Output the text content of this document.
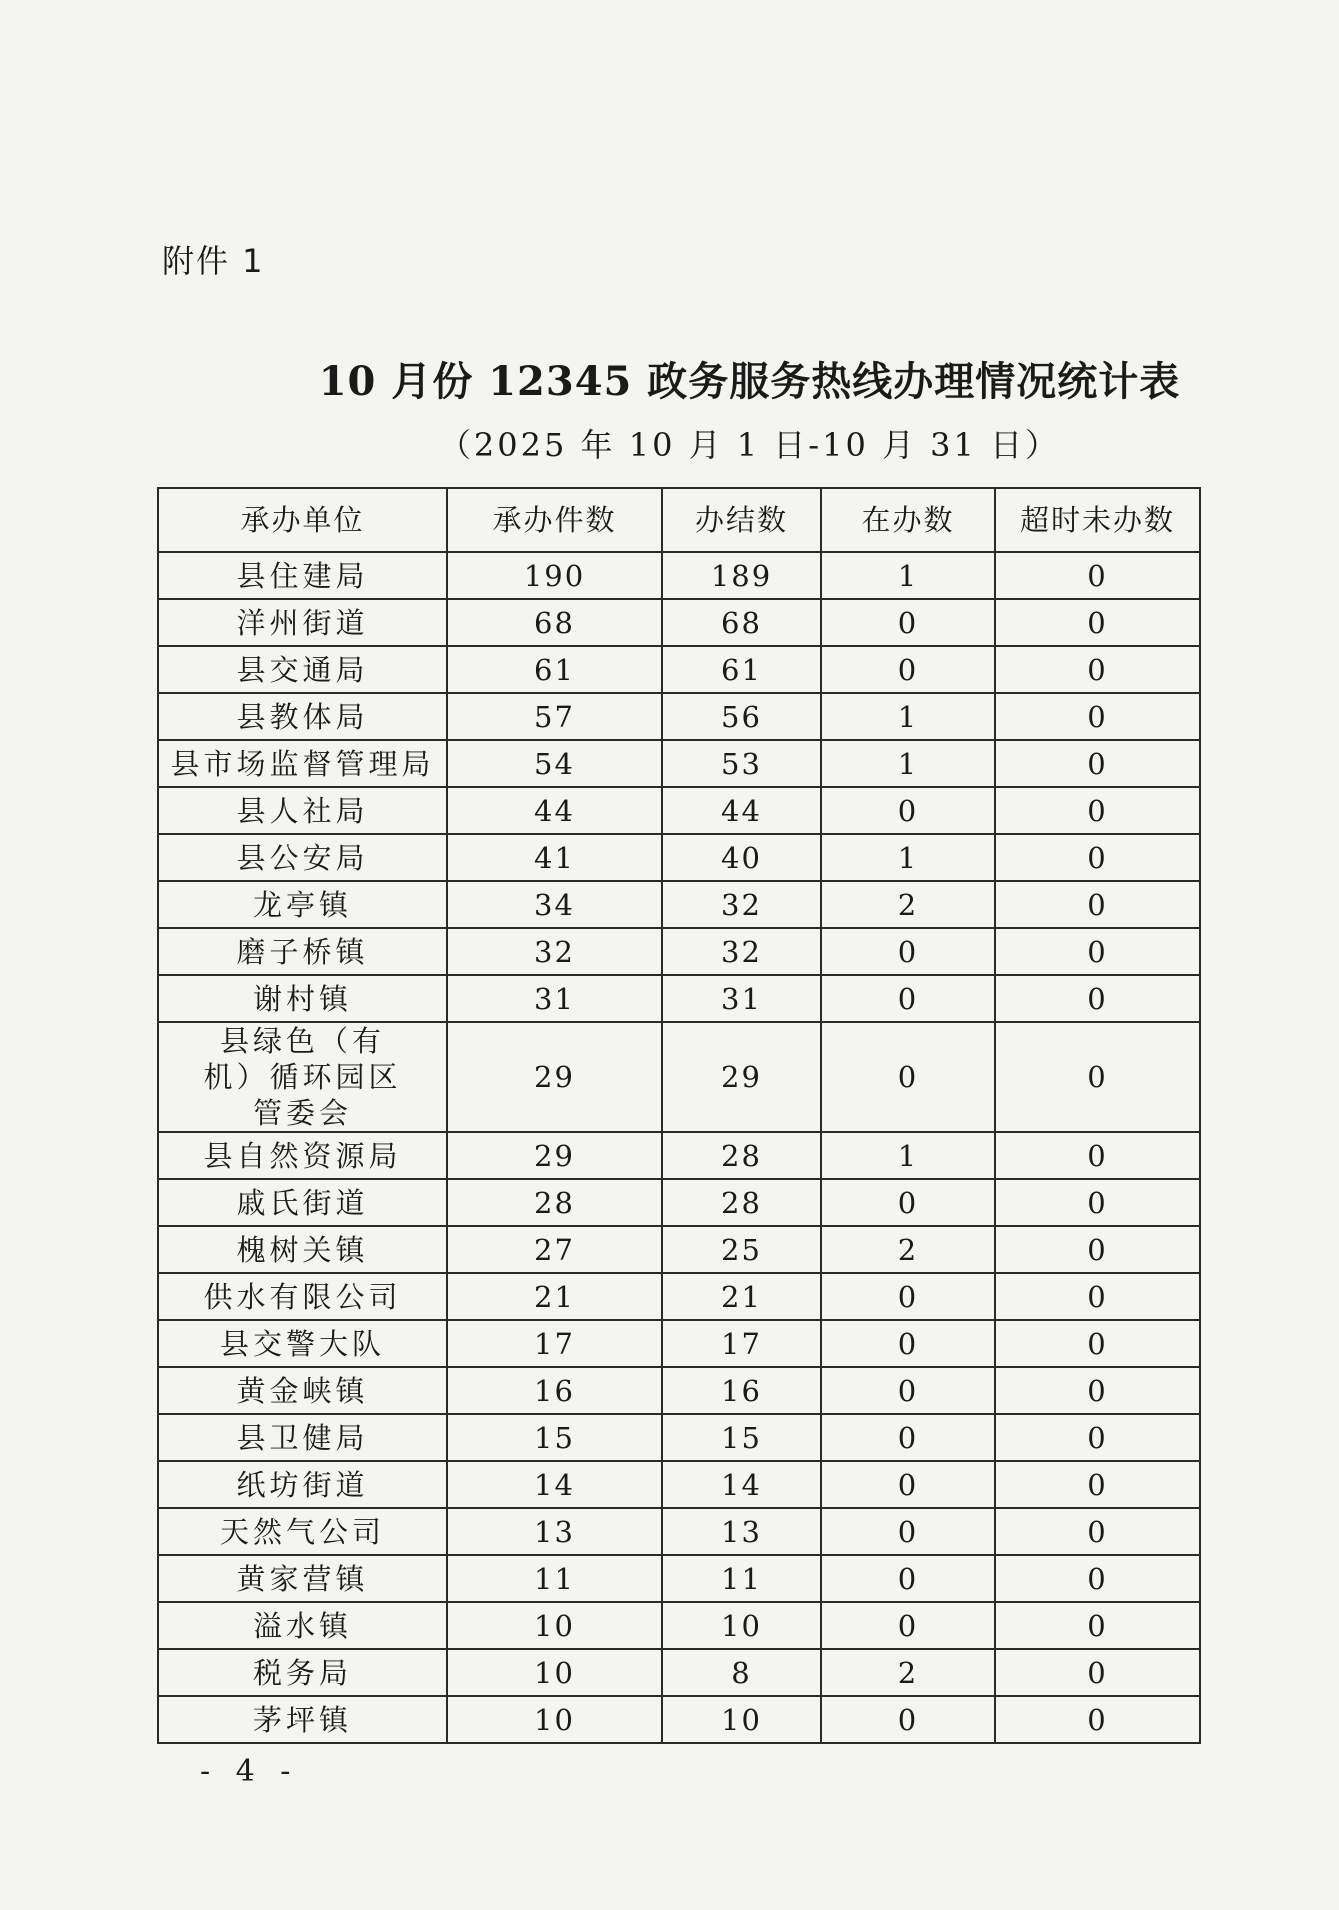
附件 1
10 月份 12345 政务服务热线办理情况统计表
（2025 年 10 月 1 日-10 月 31 日）
承办单位	承办件数	办结数	在办数	超时未办数
县住建局	190	189	1	0
洋州街道	68	68	0	0
县交通局	61	61	0	0
县教体局	57	56	1	0
县市场监督管理局	54	53	1	0
县人社局	44	44	0	0
县公安局	41	40	1	0
龙亭镇	34	32	2	0
磨子桥镇	32	32	0	0
谢村镇	31	31	0	0
县绿色（有机）循环园区管委会	29	29	0	0
县自然资源局	29	28	1	0
戚氏街道	28	28	0	0
槐树关镇	27	25	2	0
供水有限公司	21	21	0	0
县交警大队	17	17	0	0
黄金峡镇	16	16	0	0
县卫健局	15	15	0	0
纸坊街道	14	14	0	0
天然气公司	13	13	0	0
黄家营镇	11	11	0	0
溢水镇	10	10	0	0
税务局	10	8	2	0
茅坪镇	10	10	0	0
- 4 -
